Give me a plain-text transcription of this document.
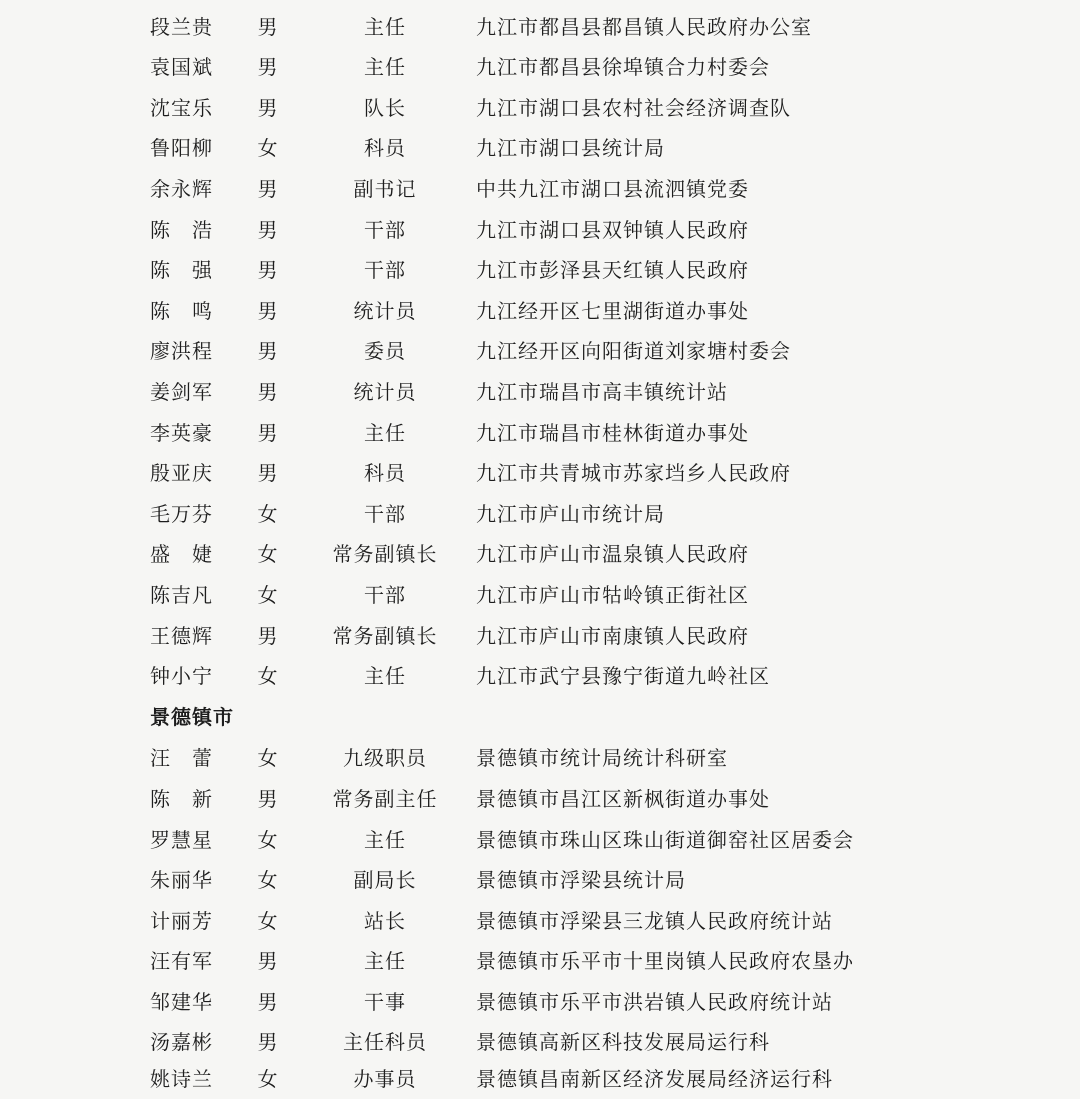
段兰贵	男	主任	九江市都昌县都昌镇人民政府办公室
袁国斌	男	主任	九江市都昌县徐埠镇合力村委会
沈宝乐	男	队长	九江市湖口县农村社会经济调查队
鲁阳柳	女	科员	九江市湖口县统计局
余永辉	男	副书记	中共九江市湖口县流泗镇党委
陈　浩	男	干部	九江市湖口县双钟镇人民政府
陈　强	男	干部	九江市彭泽县天红镇人民政府
陈　鸣	男	统计员	九江经开区七里湖街道办事处
廖洪程	男	委员	九江经开区向阳街道刘家塘村委会
姜剑军	男	统计员	九江市瑞昌市高丰镇统计站
李英豪	男	主任	九江市瑞昌市桂林街道办事处
殷亚庆	男	科员	九江市共青城市苏家垱乡人民政府
毛万芬	女	干部	九江市庐山市统计局
盛　婕	女	常务副镇长	九江市庐山市温泉镇人民政府
陈吉凡	女	干部	九江市庐山市牯岭镇正街社区
王德辉	男	常务副镇长	九江市庐山市南康镇人民政府
钟小宁	女	主任	九江市武宁县豫宁街道九岭社区
景德镇市
汪　蕾	女	九级职员	景德镇市统计局统计科研室
陈　新	男	常务副主任	景德镇市昌江区新枫街道办事处
罗慧星	女	主任	景德镇市珠山区珠山街道御窑社区居委会
朱丽华	女	副局长	景德镇市浮梁县统计局
计丽芳	女	站长	景德镇市浮梁县三龙镇人民政府统计站
汪有军	男	主任	景德镇市乐平市十里岗镇人民政府农垦办
邹建华	男	干事	景德镇市乐平市洪岩镇人民政府统计站
汤嘉彬	男	主任科员	景德镇高新区科技发展局运行科
姚诗兰	女	办事员	景德镇昌南新区经济发展局经济运行科
